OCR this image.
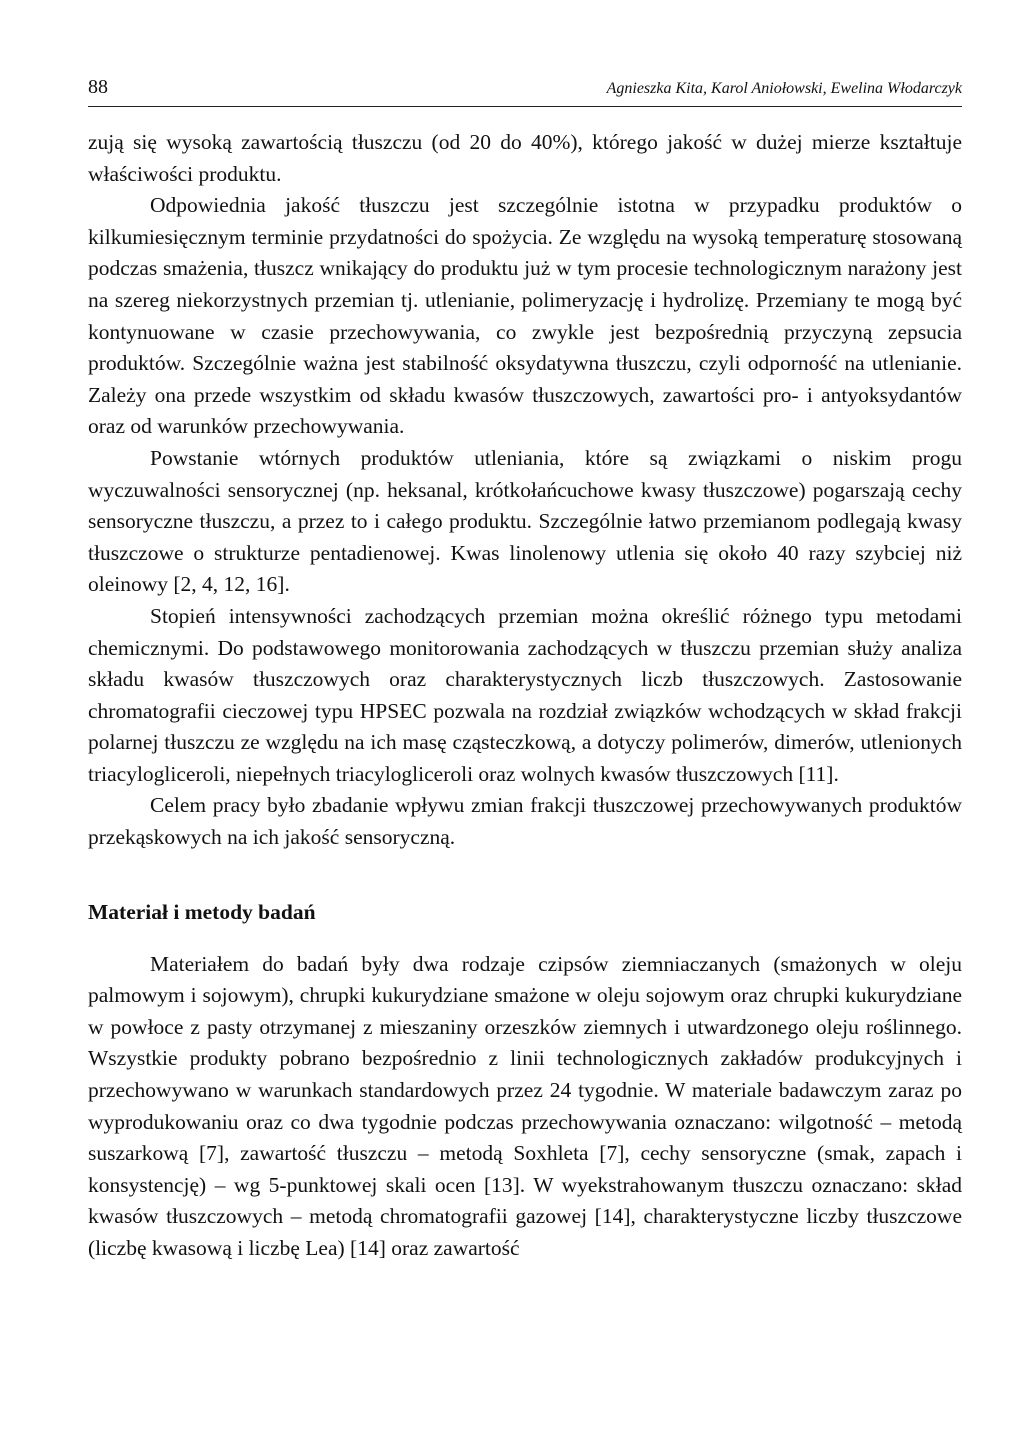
88	Agnieszka Kita, Karol Aniołowski, Ewelina Włodarczyk

zują się wysoką zawartością tłuszczu (od 20 do 40%), którego jakość w dużej mierze kształtuje właściwości produktu.

Odpowiednia jakość tłuszczu jest szczególnie istotna w przypadku produktów o kilkumiesięcznym terminie przydatności do spożycia. Ze względu na wysoką temperaturę stosowaną podczas smażenia, tłuszcz wnikający do produktu już w tym procesie technologicznym narażony jest na szereg niekorzystnych przemian tj. utlenianie, polimeryzację i hydrolizę. Przemiany te mogą być kontynuowane w czasie przechowywania, co zwykle jest bezpośrednią przyczyną zepsucia produktów. Szczególnie ważna jest stabilność oksydatywna tłuszczu, czyli odporność na utlenianie. Zależy ona przede wszystkim od składu kwasów tłuszczowych, zawartości pro- i antyoksydantów oraz od warunków przechowywania.

Powstanie wtórnych produktów utleniania, które są związkami o niskim progu wyczuwalności sensorycznej (np. heksanal, krótkołańcuchowe kwasy tłuszczowe) pogarszają cechy sensoryczne tłuszczu, a przez to i całego produktu. Szczególnie łatwo przemianom podlegają kwasy tłuszczowe o strukturze pentadienowej. Kwas linolenowy utlenia się około 40 razy szybciej niż oleinowy [2, 4, 12, 16].

Stopień intensywności zachodzących przemian można określić różnego typu metodami chemicznymi. Do podstawowego monitorowania zachodzących w tłuszczu przemian służy analiza składu kwasów tłuszczowych oraz charakterystycznych liczb tłuszczowych. Zastosowanie chromatografii cieczowej typu HPSEC pozwala na rozdział związków wchodzących w skład frakcji polarnej tłuszczu ze względu na ich masę cząsteczkową, a dotyczy polimerów, dimerów, utlenionych triacylogliceroli, niepełnych triacylogliceroli oraz wolnych kwasów tłuszczowych [11].

Celem pracy było zbadanie wpływu zmian frakcji tłuszczowej przechowywanych produktów przekąskowych na ich jakość sensoryczną.

Materiał i metody badań

Materiałem do badań były dwa rodzaje czipsów ziemniaczanych (smażonych w oleju palmowym i sojowym), chrupki kukurydziane smażone w oleju sojowym oraz chrupki kukurydziane w powłoce z pasty otrzymanej z mieszaniny orzeszków ziemnych i utwardzonego oleju roślinnego. Wszystkie produkty pobrano bezpośrednio z linii technologicznych zakładów produkcyjnych i przechowywano w warunkach standardowych przez 24 tygodnie. W materiale badawczym zaraz po wyprodukowaniu oraz co dwa tygodnie podczas przechowywania oznaczano: wilgotność – metodą suszarkową [7], zawartość tłuszczu – metodą Soxhleta [7], cechy sensoryczne (smak, zapach i konsystencję) – wg 5-punktowej skali ocen [13]. W wyekstrahowanym tłuszczu oznaczano: skład kwasów tłuszczowych – metodą chromatografii gazowej [14], charakterystyczne liczby tłuszczowe (liczbę kwasową i liczbę Lea) [14] oraz zawartość
